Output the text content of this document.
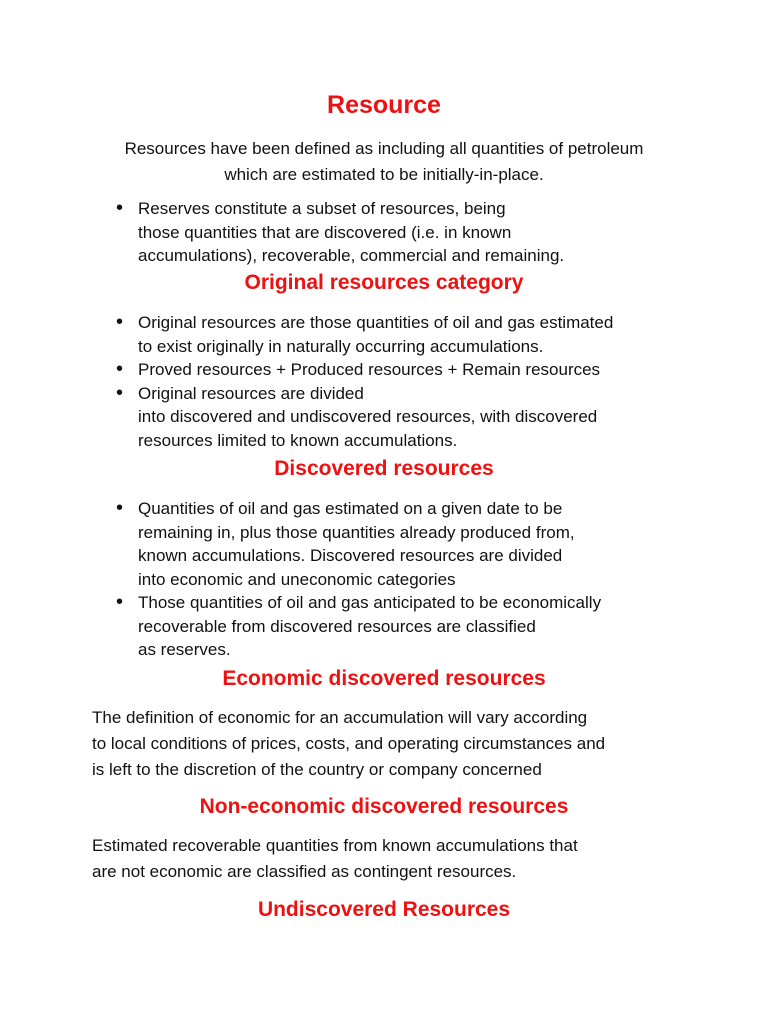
Resource

Resources have been defined as including all quantities of petroleum
which are estimated to be initially-in-place.

• Reserves constitute a subset of resources, being
those quantities that are discovered (i.e. in known
accumulations), recoverable, commercial and remaining.
Original resources category
• Original resources are those quantities of oil and gas estimated
to exist originally in naturally occurring accumulations.
• Proved resources + Produced resources + Remain resources
• Original resources are divided
into discovered and undiscovered resources, with discovered
resources limited to known accumulations.
Discovered resources
• Quantities of oil and gas estimated on a given date to be
remaining in, plus those quantities already produced from,
known accumulations. Discovered resources are divided
into economic and uneconomic categories
• Those quantities of oil and gas anticipated to be economically
recoverable from discovered resources are classified
as reserves.
Economic discovered resources

The definition of economic for an accumulation will vary according
to local conditions of prices, costs, and operating circumstances and
is left to the discretion of the country or company concerned

Non-economic discovered resources

Estimated recoverable quantities from known accumulations that
are not economic are classified as contingent resources.

Undiscovered Resources
